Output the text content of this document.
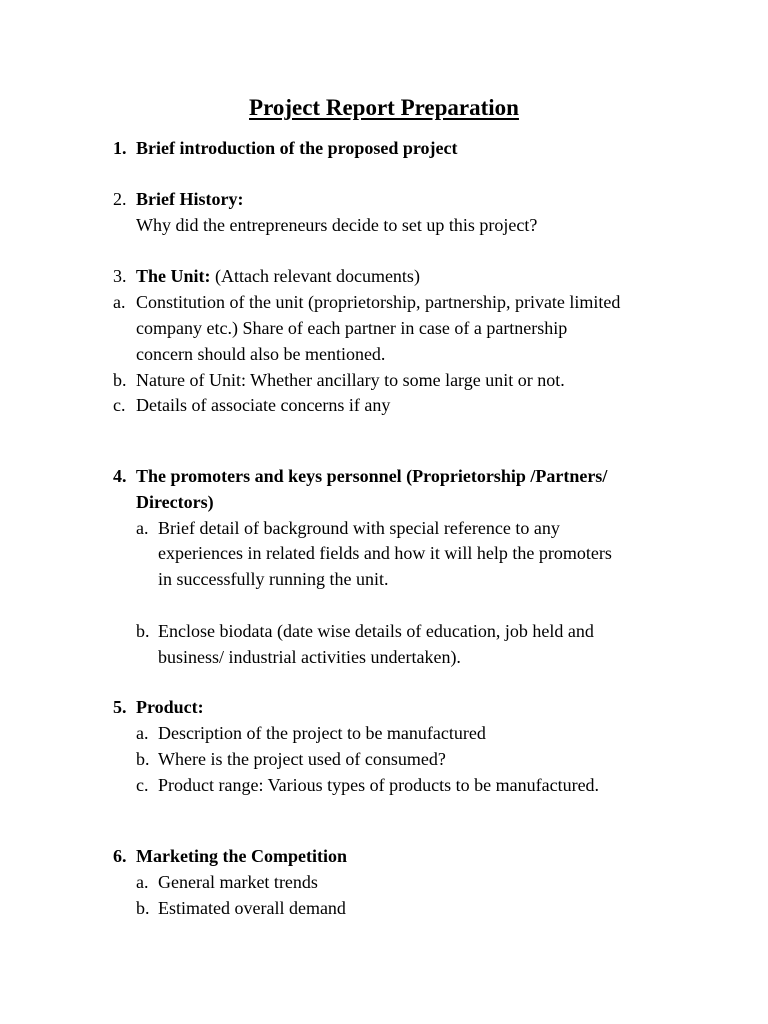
Project Report Preparation
1. Brief introduction of the proposed project
2. Brief History:
Why did the entrepreneurs decide to set up this project?
3. The Unit: (Attach relevant documents)
a. Constitution of the unit (proprietorship, partnership, private limited
company etc.) Share of each partner in case of a partnership
concern should also be mentioned.
b. Nature of Unit: Whether ancillary to some large unit or not.
c. Details of associate concerns if any
4. The promoters and keys personnel (Proprietorship /Partners/
Directors)
a. Brief detail of background with special reference to any
experiences in related fields and how it will help the promoters
in successfully running the unit.
b. Enclose biodata (date wise details of education, job held and
business/ industrial activities undertaken).
5. Product:
a. Description of the project to be manufactured
b. Where is the project used of consumed?
c. Product range: Various types of products to be manufactured.
6. Marketing the Competition
a. General market trends
b. Estimated overall demand
